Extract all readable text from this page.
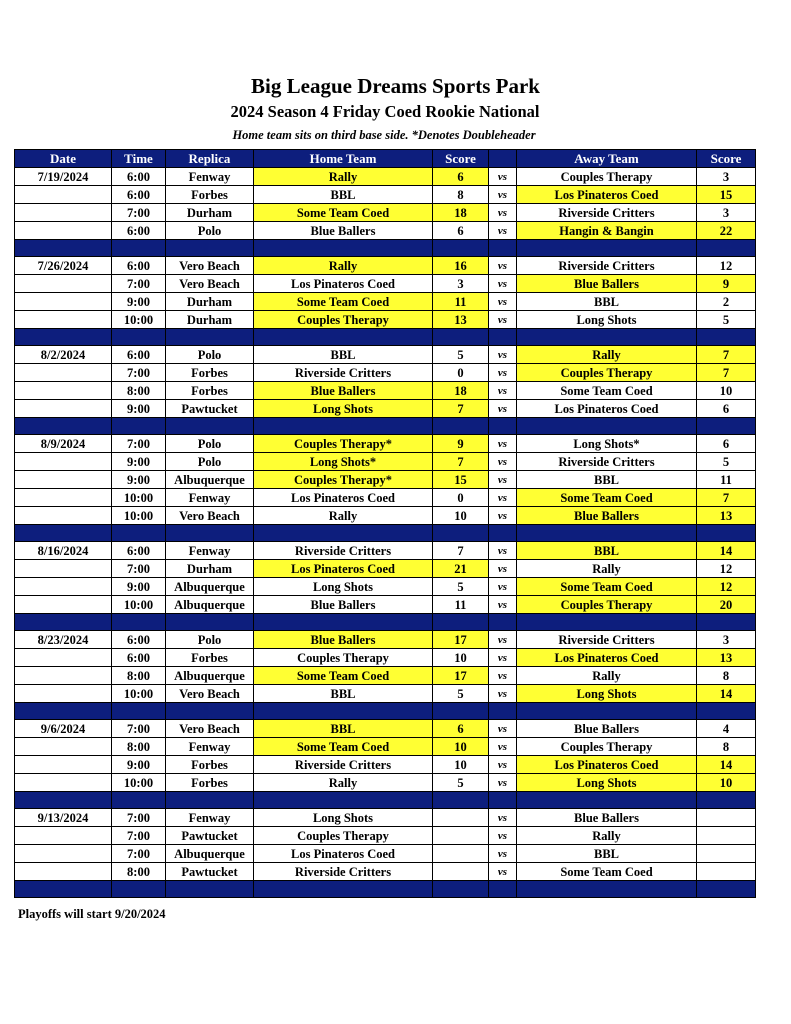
Big League Dreams Sports Park
2024 Season 4 Friday Coed Rookie National
Home team sits on third base side. *Denotes Doubleheader
Date	Time	Replica	Home Team	Score		Away Team	Score
7/19/2024	6:00	Fenway	Rally	6	vs	Couples Therapy	3
	6:00	Forbes	BBL	8	vs	Los Pinateros Coed	15
	7:00	Durham	Some Team Coed	18	vs	Riverside Critters	3
	6:00	Polo	Blue Ballers	6	vs	Hangin & Bangin	22

7/26/2024	6:00	Vero Beach	Rally	16	vs	Riverside Critters	12
	7:00	Vero Beach	Los Pinateros Coed	3	vs	Blue Ballers	9
	9:00	Durham	Some Team Coed	11	vs	BBL	2
	10:00	Durham	Couples Therapy	13	vs	Long Shots	5

8/2/2024	6:00	Polo	BBL	5	vs	Rally	7
	7:00	Forbes	Riverside Critters	0	vs	Couples Therapy	7
	8:00	Forbes	Blue Ballers	18	vs	Some Team Coed	10
	9:00	Pawtucket	Long Shots	7	vs	Los Pinateros Coed	6

8/9/2024	7:00	Polo	Couples Therapy*	9	vs	Long Shots*	6
	9:00	Polo	Long Shots*	7	vs	Riverside Critters	5
	9:00	Albuquerque	Couples Therapy*	15	vs	BBL	11
	10:00	Fenway	Los Pinateros Coed	0	vs	Some Team Coed	7
	10:00	Vero Beach	Rally	10	vs	Blue Ballers	13

8/16/2024	6:00	Fenway	Riverside Critters	7	vs	BBL	14
	7:00	Durham	Los Pinateros Coed	21	vs	Rally	12
	9:00	Albuquerque	Long Shots	5	vs	Some Team Coed	12
	10:00	Albuquerque	Blue Ballers	11	vs	Couples Therapy	20

8/23/2024	6:00	Polo	Blue Ballers	17	vs	Riverside Critters	3
	6:00	Forbes	Couples Therapy	10	vs	Los Pinateros Coed	13
	8:00	Albuquerque	Some Team Coed	17	vs	Rally	8
	10:00	Vero Beach	BBL	5	vs	Long Shots	14

9/6/2024	7:00	Vero Beach	BBL	6	vs	Blue Ballers	4
	8:00	Fenway	Some Team Coed	10	vs	Couples Therapy	8
	9:00	Forbes	Riverside Critters	10	vs	Los Pinateros Coed	14
	10:00	Forbes	Rally	5	vs	Long Shots	10

9/13/2024	7:00	Fenway	Long Shots		vs	Blue Ballers	
	7:00	Pawtucket	Couples Therapy		vs	Rally	
	7:00	Albuquerque	Los Pinateros Coed		vs	BBL	
	8:00	Pawtucket	Riverside Critters		vs	Some Team Coed	

Playoffs will start 9/20/2024
